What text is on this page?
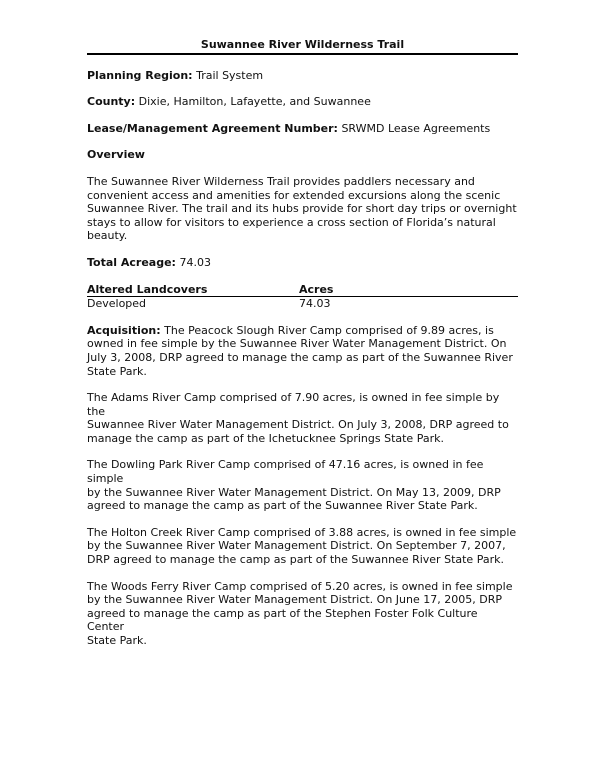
Suwannee River Wilderness Trail

Planning Region: Trail System

County: Dixie, Hamilton, Lafayette, and Suwannee

Lease/Management Agreement Number: SRWMD Lease Agreements

Overview

The Suwannee River Wilderness Trail provides paddlers necessary and
convenient access and amenities for extended excursions along the scenic
Suwannee River. The trail and its hubs provide for short day trips or overnight
stays to allow for visitors to experience a cross section of Florida’s natural
beauty.

Total Acreage: 74.03

Altered Landcovers	Acres
Developed	74.03
Acquisition: The Peacock Slough River Camp comprised of 9.89 acres, is
owned in fee simple by the Suwannee River Water Management District. On
July 3, 2008, DRP agreed to manage the camp as part of the Suwannee River
State Park.
The Adams River Camp comprised of 7.90 acres, is owned in fee simple by the
Suwannee River Water Management District. On July 3, 2008, DRP agreed to
manage the camp as part of the Ichetucknee Springs State Park.
The Dowling Park River Camp comprised of 47.16 acres, is owned in fee simple
by the Suwannee River Water Management District. On May 13, 2009, DRP
agreed to manage the camp as part of the Suwannee River State Park.
The Holton Creek River Camp comprised of 3.88 acres, is owned in fee simple
by the Suwannee River Water Management District. On September 7, 2007,
DRP agreed to manage the camp as part of the Suwannee River State Park.
The Woods Ferry River Camp comprised of 5.20 acres, is owned in fee simple
by the Suwannee River Water Management District. On June 17, 2005, DRP
agreed to manage the camp as part of the Stephen Foster Folk Culture Center
State Park.
